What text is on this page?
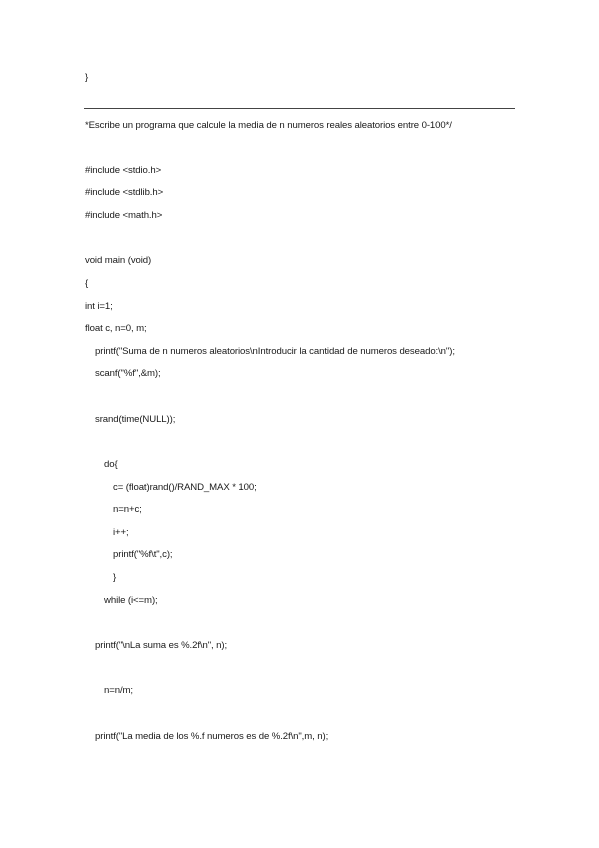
}
*Escribe un programa que calcule la media de n numeros reales aleatorios entre 0-100*/
#include <stdio.h>
#include <stdlib.h>
#include <math.h>
void main (void)
{
int i=1;
float c, n=0, m;
printf("Suma de n numeros aleatorios\nIntroducir la cantidad de numeros deseado:\n");
scanf("%f",&m);
srand(time(NULL));
do{
c= (float)rand()/RAND_MAX * 100;
n=n+c;
i++;
printf("%f\t",c);
}
while (i<=m);
printf("\nLa suma es %.2f\n", n);
n=n/m;
printf("La media de los %.f numeros es de %.2f\n",m, n);
